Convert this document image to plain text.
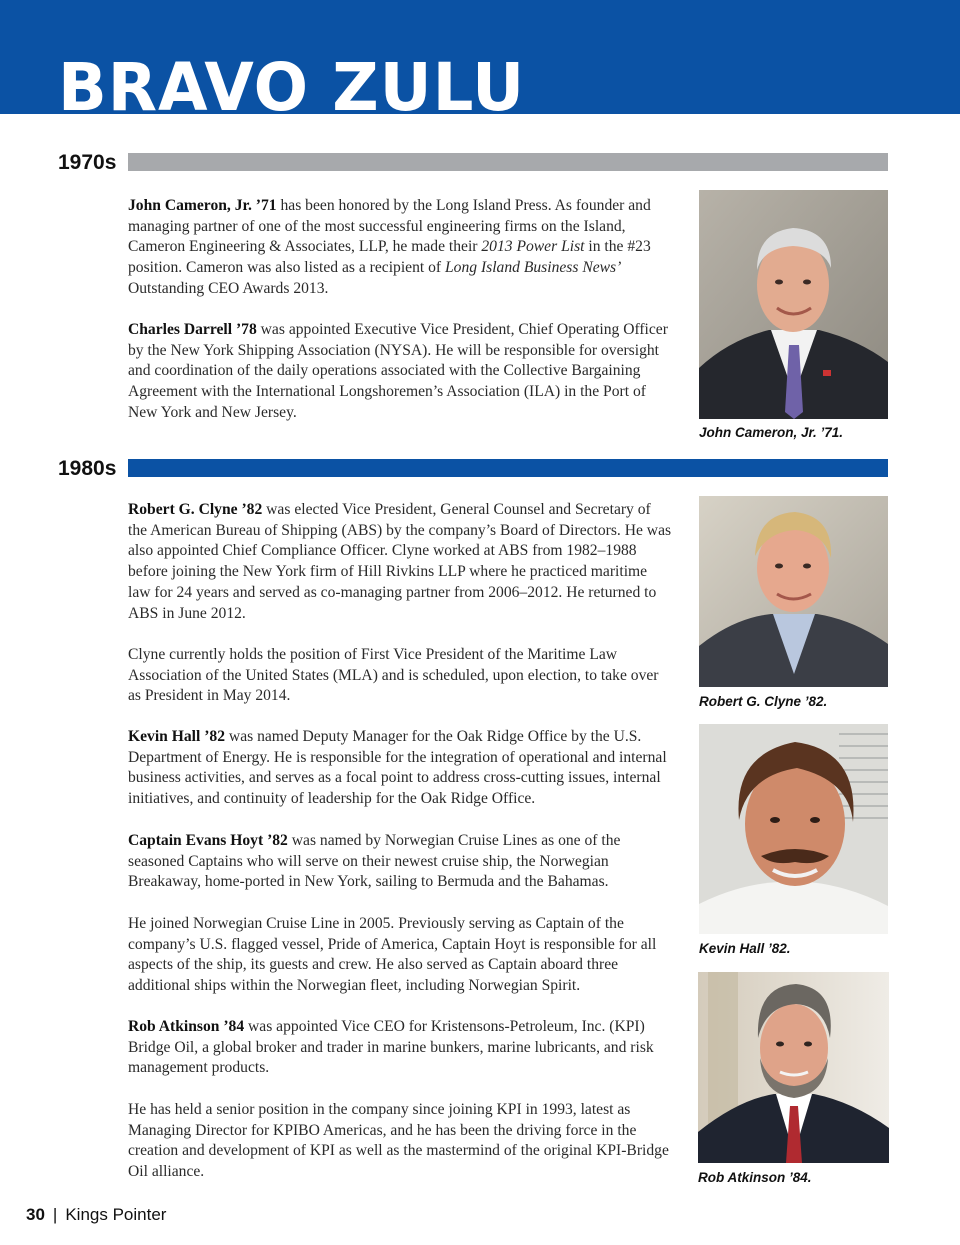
BRAVO ZULU
1970s

John Cameron, Jr. ’71 has been honored by the Long Island Press. As founder and managing partner of one of the most successful engineering firms on the Island, Cameron Engineering & Associates, LLP, he made their 2013 Power List in the #23 position. Cameron was also listed as a recipient of Long Island Business News’ Outstanding CEO Awards 2013.

Charles Darrell ’78 was appointed Executive Vice President, Chief Operating Officer by the New York Shipping Association (NYSA). He will be responsible for oversight and coordination of the daily operations associated with the Collective Bargaining Agreement with the International Longshoremen’s Association (ILA) in the Port of New York and New Jersey.

John Cameron, Jr. ’71.
1980s

Robert G. Clyne ’82 was elected Vice President, General Counsel and Secretary of the American Bureau of Shipping (ABS) by the company’s Board of Directors. He was also appointed Chief Compliance Officer. Clyne worked at ABS from 1982–1988 before joining the New York firm of Hill Rivkins LLP where he practiced maritime law for 24 years and served as co-managing partner from 2006–2012. He returned to ABS in June 2012.

Clyne currently holds the position of First Vice President of the Maritime Law Association of the United States (MLA) and is scheduled, upon election, to take over as President in May 2014.

Kevin Hall ’82 was named Deputy Manager for the Oak Ridge Office by the U.S. Department of Energy. He is responsible for the integration of operational and internal business activities, and serves as a focal point to address cross-cutting issues, internal initiatives, and continuity of leadership for the Oak Ridge Office.

Captain Evans Hoyt ’82 was named by Norwegian Cruise Lines as one of the seasoned Captains who will serve on their newest cruise ship, the Norwegian Breakaway, home-ported in New York, sailing to Bermuda and the Bahamas.

He joined Norwegian Cruise Line in 2005. Previously serving as Captain of the company’s U.S. flagged vessel, Pride of America, Captain Hoyt is responsible for all aspects of the ship, its guests and crew. He also served as Captain aboard three additional ships within the Norwegian fleet, including Norwegian Spirit.

Rob Atkinson ’84 was appointed Vice CEO for Kristensons-Petroleum, Inc. (KPI) Bridge Oil, a global broker and trader in marine bunkers, marine lubricants, and risk management products.

He has held a senior position in the company since joining KPI in 1993, latest as Managing Director for KPIBO Americas, and he has been the driving force in the creation and development of KPI as well as the mastermind of the original KPI-Bridge Oil alliance.

Robert G. Clyne ’82.
Kevin Hall ’82.
Rob Atkinson ’84.
30 | Kings Pointer
